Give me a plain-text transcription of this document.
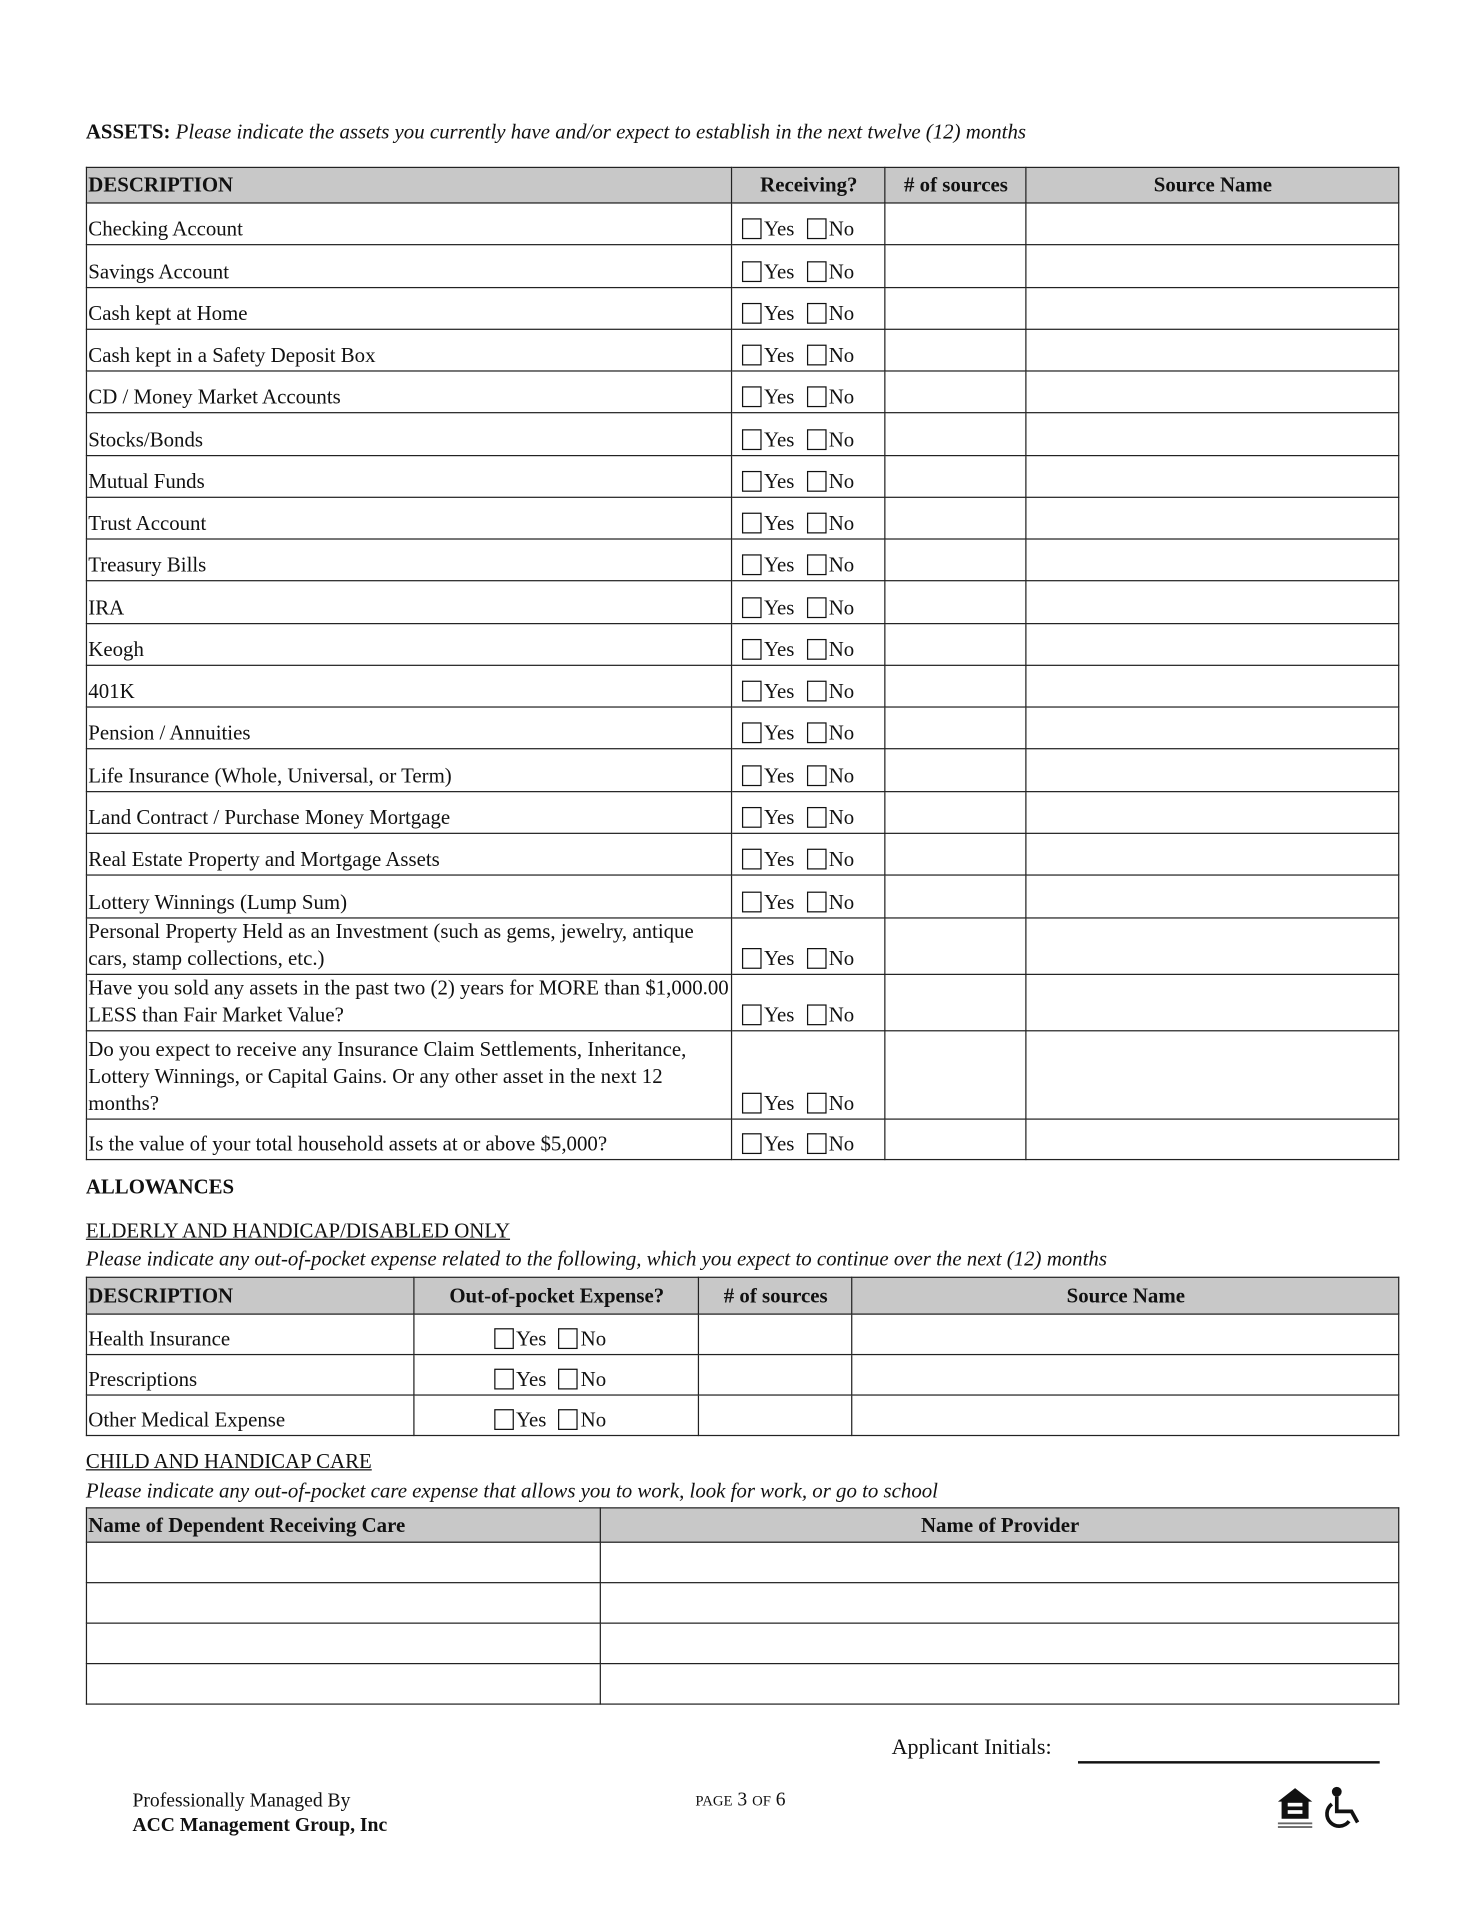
ASSETS: Please indicate the assets you currently have and/or expect to establish in the next twelve (12) months
DESCRIPTION	Receiving?	# of sources	Source Name
Checking Account	Yes No		
Savings Account	Yes No		
Cash kept at Home	Yes No		
Cash kept in a Safety Deposit Box	Yes No		
CD / Money Market Accounts	Yes No		
Stocks/Bonds	Yes No		
Mutual Funds	Yes No		
Trust Account	Yes No		
Treasury Bills	Yes No		
IRA	Yes No		
Keogh	Yes No		
401K	Yes No		
Pension / Annuities	Yes No		
Life Insurance (Whole, Universal, or Term)	Yes No		
Land Contract / Purchase Money Mortgage	Yes No		
Real Estate Property and Mortgage Assets	Yes No		
Lottery Winnings (Lump Sum)	Yes No		
Personal Property Held as an Investment (such as gems, jewelry, antique cars, stamp collections, etc.)	Yes No		
Have you sold any assets in the past two (2) years for MORE than $1,000.00 LESS than Fair Market Value?	Yes No		
Do you expect to receive any Insurance Claim Settlements, Inheritance, Lottery Winnings, or Capital Gains. Or any other asset in the next 12 months?	Yes No		
Is the value of your total household assets at or above $5,000?	Yes No		
ALLOWANCES
ELDERLY AND HANDICAP/DISABLED ONLY
Please indicate any out-of-pocket expense related to the following, which you expect to continue over the next (12) months
DESCRIPTION	Out-of-pocket Expense?	# of sources	Source Name
Health Insurance	Yes No		
Prescriptions	Yes No		
Other Medical Expense	Yes No		
CHILD AND HANDICAP CARE
Please indicate any out-of-pocket care expense that allows you to work, look for work, or go to school
Name of Dependent Receiving Care	Name of Provider

Applicant Initials:
Professionally Managed By
ACC Management Group, Inc
PAGE 3 OF 6
